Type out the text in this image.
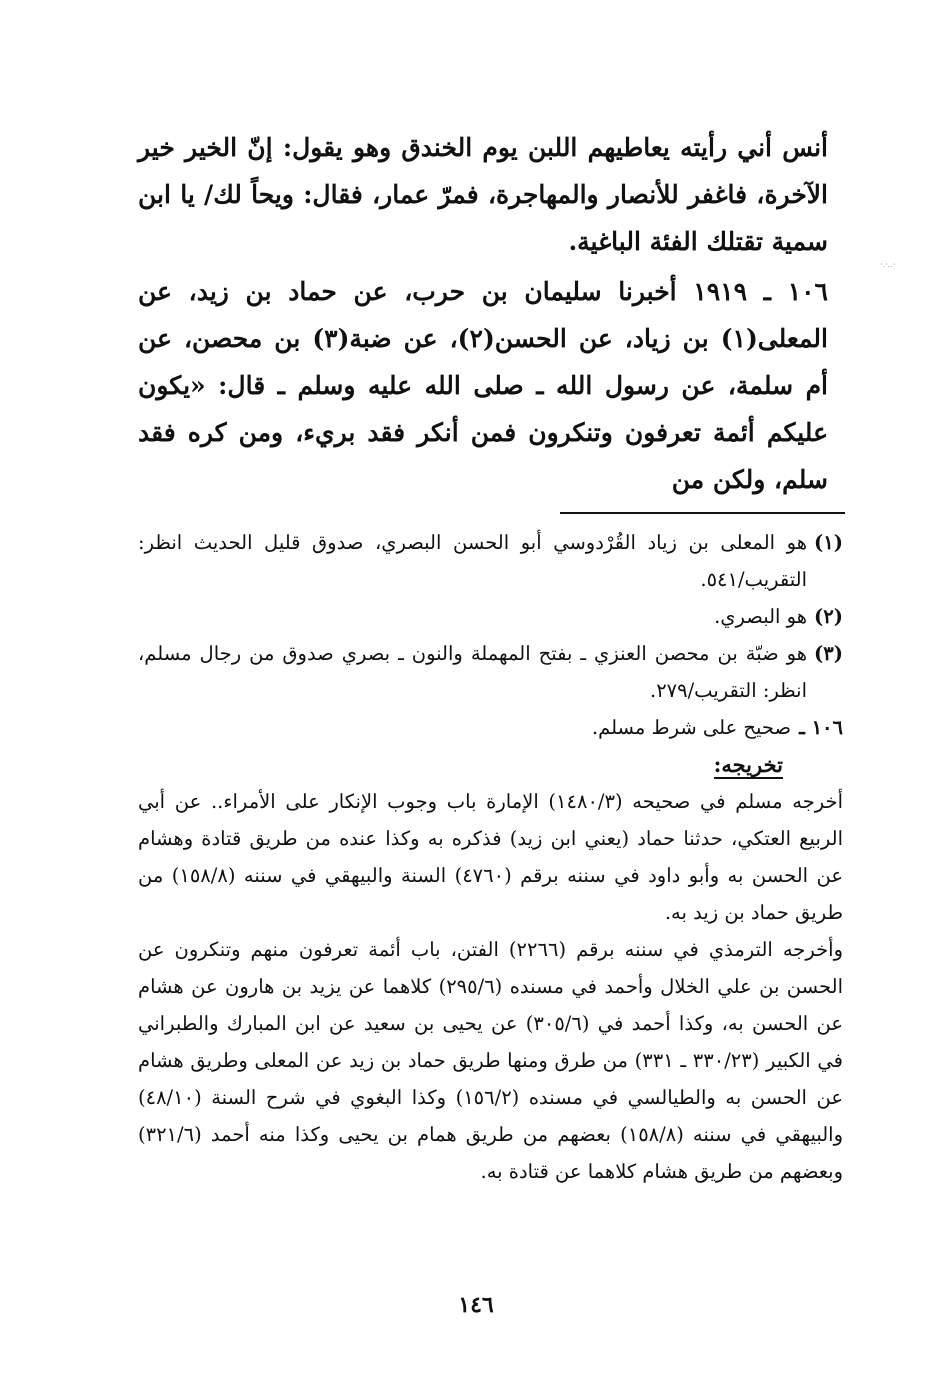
·.·..·
أنس أني رأيته يعاطيهم اللبن يوم الخندق وهو يقول: إنّ الخير خير الآخرة، فاغفر للأنصار والمهاجرة، فمرّ عمار، فقال: ويحاً لك/ يا ابن سمية تقتلك الفئة الباغية.
١٠٦ ـ ١٩١٩ أخبرنا سليمان بن حرب، عن حماد بن زيد، عن المعلى(١) بن زياد، عن الحسن(٢)، عن ضبة(٣) بن محصن، عن أم سلمة، عن رسول الله ـ صلى الله عليه وسلم ـ قال: «يكون عليكم أئمة تعرفون وتنكرون فمن أنكر فقد بريء، ومن كره فقد سلم، ولكن من
(١)
هو المعلى بن زياد القُرْدوسي أبو الحسن البصري، صدوق قليل الحديث انظر: التقريب/٥٤١.
(٢)
هو البصري.
(٣)
هو ضبّة بن محصن العنزي ـ بفتح المهملة والنون ـ بصري صدوق من رجال مسلم، انظر: التقريب/٢٧٩.
١٠٦ ـ
صحيح على شرط مسلم.
تخريجه:
أخرجه مسلم في صحيحه (١٤٨٠/٣) الإمارة باب وجوب الإنكار على الأمراء.. عن أبي الربيع العتكي، حدثنا حماد (يعني ابن زيد) فذكره به وكذا عنده من طريق قتادة وهشام عن الحسن به وأبو داود في سننه برقم (٤٧٦٠) السنة والبيهقي في سننه (١٥٨/٨) من طريق حماد بن زيد به.
وأخرجه الترمذي في سننه برقم (٢٢٦٦) الفتن، باب أئمة تعرفون منهم وتنكرون عن الحسن بن علي الخلال وأحمد في مسنده (٢٩٥/٦) كلاهما عن يزيد بن هارون عن هشام عن الحسن به، وكذا أحمد في (٣٠٥/٦) عن يحيى بن سعيد عن ابن المبارك والطبراني في الكبير (٣٣٠/٢٣ ـ ٣٣١) من طرق ومنها طريق حماد بن زيد عن المعلى وطريق هشام عن الحسن به والطيالسي في مسنده (١٥٦/٢) وكذا البغوي في شرح السنة (٤٨/١٠) والبيهقي في سننه (١٥٨/٨) بعضهم من طريق همام بن يحيى وكذا منه أحمد (٣٢١/٦) وبعضهم من طريق هشام كلاهما عن قتادة به.
١٤٦
